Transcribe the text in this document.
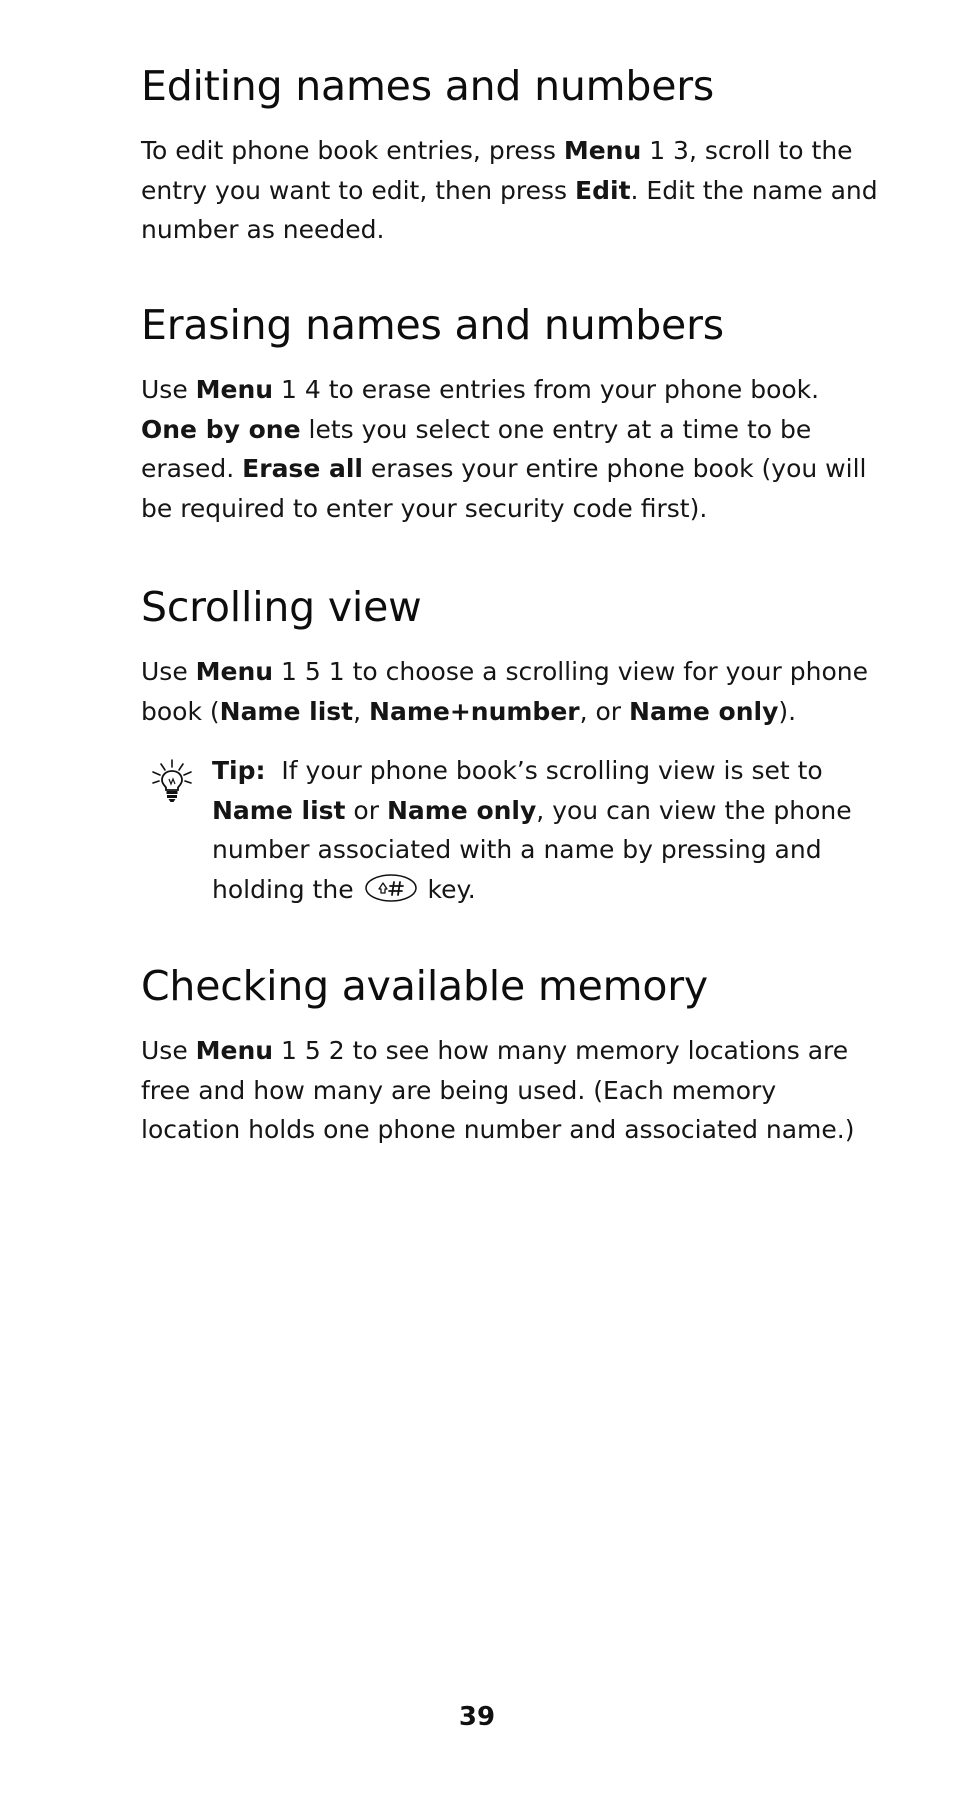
Editing names and numbers

To edit phone book entries, press Menu 1 3, scroll to the entry you want to edit, then press Edit. Edit the name and number as needed.

Erasing names and numbers

Use Menu 1 4 to erase entries from your phone book. One by one lets you select one entry at a time to be erased. Erase all erases your entire phone book (you will be required to enter your security code first).

Scrolling view

Use Menu 1 5 1 to choose a scrolling view for your phone book (Name list, Name+number, or Name only).

Tip:  If your phone book’s scrolling view is set to Name list or Name only, you can view the phone number associated with a name by pressing and holding the  key.
Checking available memory

Use Menu 1 5 2 to see how many memory locations are free and how many are being used. (Each memory location holds one phone number and associated name.)

39
